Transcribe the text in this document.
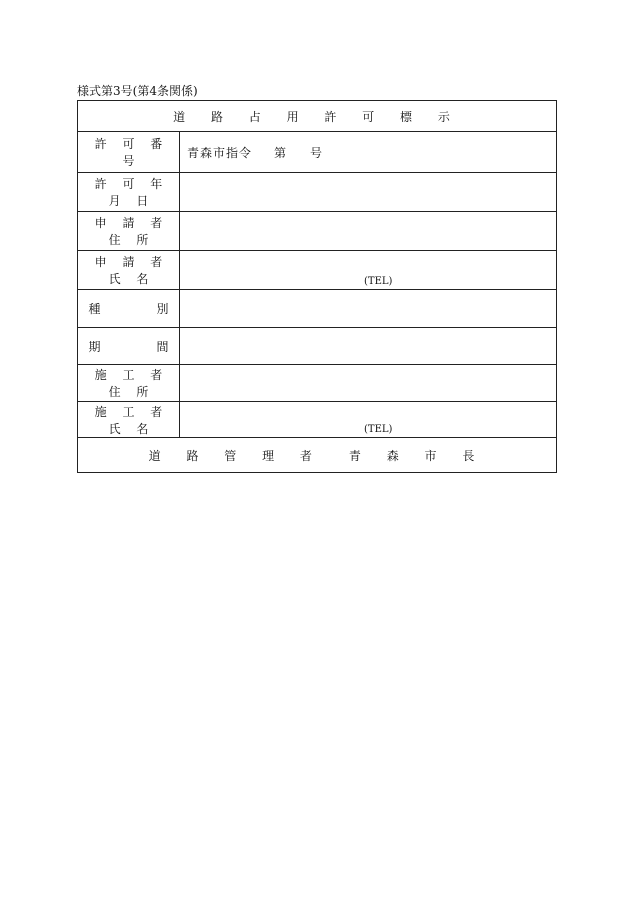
様式第3号(第4条関係)
道 路 占 用 許 可 標 示	
許 可 番 号	青森市指令 第 号
許 可 年 月 日	
申 請 者 住 所	
申 請 者 氏 名	(TEL)

種 別	
期 間	
施 工 者 住 所	
施 工 者 氏 名	(TEL)

道 路 管 理 者 青 森 市 長	
